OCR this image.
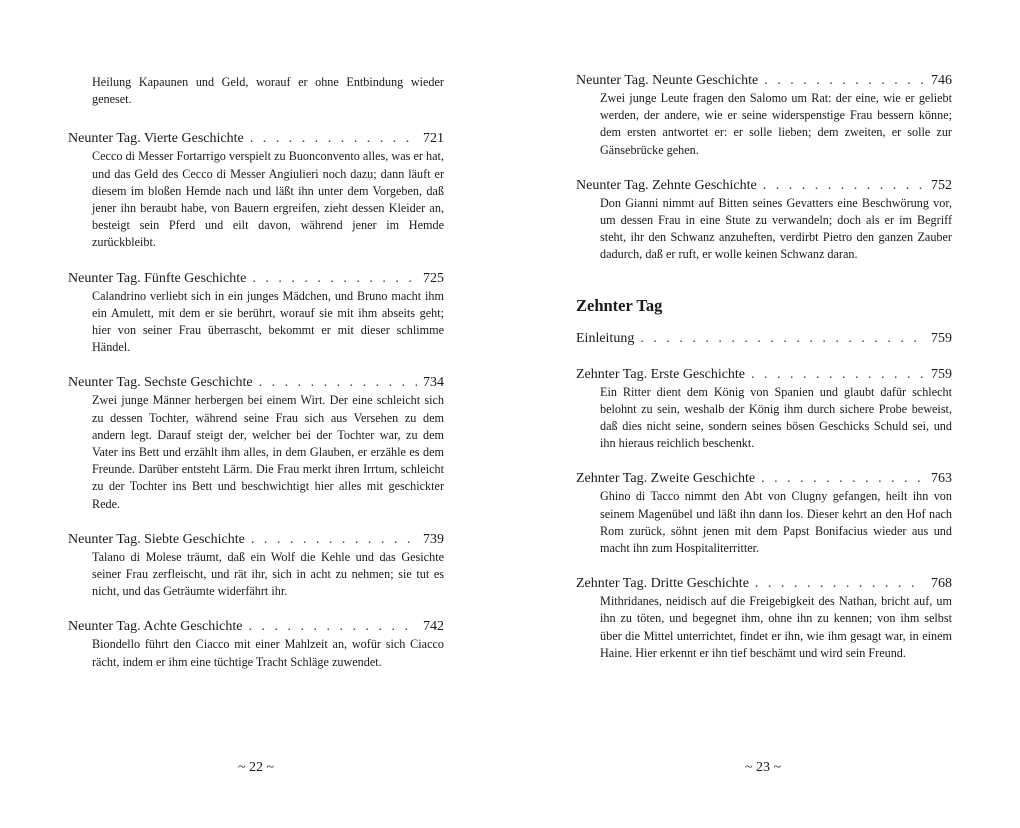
Heilung Kapaunen und Geld, worauf er ohne Entbindung wieder geneset.
Neunter Tag. Vierte Geschichte . . .	721
Cecco di Messer Fortarrigo verspielt zu Buonconvento alles, was er hat, und das Geld des Cecco di Messer Angiulieri noch dazu; dann läuft er diesem im bloßen Hemde nach und läßt ihn unter dem Vorgeben, daß jener ihn beraubt habe, von Bauern ergreifen, zieht dessen Kleider an, besteigt sein Pferd und eilt davon, während jener im Hemde zurückbleibt.
Neunter Tag. Fünfte Geschichte . . .	725
Calandrino verliebt sich in ein junges Mädchen, und Bruno macht ihm ein Amulett, mit dem er sie berührt, worauf sie mit ihm abseits geht; hier von seiner Frau überrascht, bekommt er mit dieser schlimme Händel.
Neunter Tag. Sechste Geschichte . . .	734
Zwei junge Männer herbergen bei einem Wirt. Der eine schleicht sich zu dessen Tochter, während seine Frau sich aus Versehen zu dem andern legt. Darauf steigt der, welcher bei der Tochter war, zu dem Vater ins Bett und erzählt ihm alles, in dem Glauben, er erzähle es dem Freunde. Darüber entsteht Lärm. Die Frau merkt ihren Irrtum, schleicht zu der Tochter ins Bett und beschwichtigt hier alles mit geschickter Rede.
Neunter Tag. Siebte Geschichte . . .	739
Talano di Molese träumt, daß ein Wolf die Kehle und das Gesichte seiner Frau zerfleischt, und rät ihr, sich in acht zu nehmen; sie tut es nicht, und das Geträumte widerfährt ihr.
Neunter Tag. Achte Geschichte . . .	742
Biondello führt den Ciacco mit einer Mahlzeit an, wofür sich Ciacco rächt, indem er ihm eine tüchtige Tracht Schläge zuwendet.
~ 22 ~
Neunter Tag. Neunte Geschichte . . .	746
Zwei junge Leute fragen den Salomo um Rat: der eine, wie er geliebt werden, der andere, wie er seine widerspenstige Frau bessern könne; dem ersten antwortet er: er solle lieben; dem zweiten, er solle zur Gänsebrücke gehen.
Neunter Tag. Zehnte Geschichte . . .	752
Don Gianni nimmt auf Bitten seines Gevatters eine Beschwörung vor, um dessen Frau in eine Stute zu verwandeln; doch als er im Begriff steht, ihr den Schwanz anzuheften, verdirbt Pietro den ganzen Zauber dadurch, daß er ruft, er wolle keinen Schwanz daran.
Zehnter Tag
Einleitung . . .	759
Zehnter Tag. Erste Geschichte . . .	759
Ein Ritter dient dem König von Spanien und glaubt dafür schlecht belohnt zu sein, weshalb der König ihm durch sichere Probe beweist, daß dies nicht seine, sondern seines bösen Geschicks Schuld sei, und ihn hieraus reichlich beschenkt.
Zehnter Tag. Zweite Geschichte . . .	763
Ghino di Tacco nimmt den Abt von Clugny gefangen, heilt ihn von seinem Magenübel und läßt ihn dann los. Dieser kehrt an den Hof nach Rom zurück, söhnt jenen mit dem Papst Bonifacius wieder aus und macht ihn zum Hospitaliterritter.
Zehnter Tag. Dritte Geschichte . . .	768
Mithridanes, neidisch auf die Freigebigkeit des Nathan, bricht auf, um ihn zu töten, und begegnet ihm, ohne ihn zu kennen; von ihm selbst über die Mittel unterrichtet, findet er ihn, wie ihm gesagt war, in einem Haine. Hier erkennt er ihn tief beschämt und wird sein Freund.
~ 23 ~
